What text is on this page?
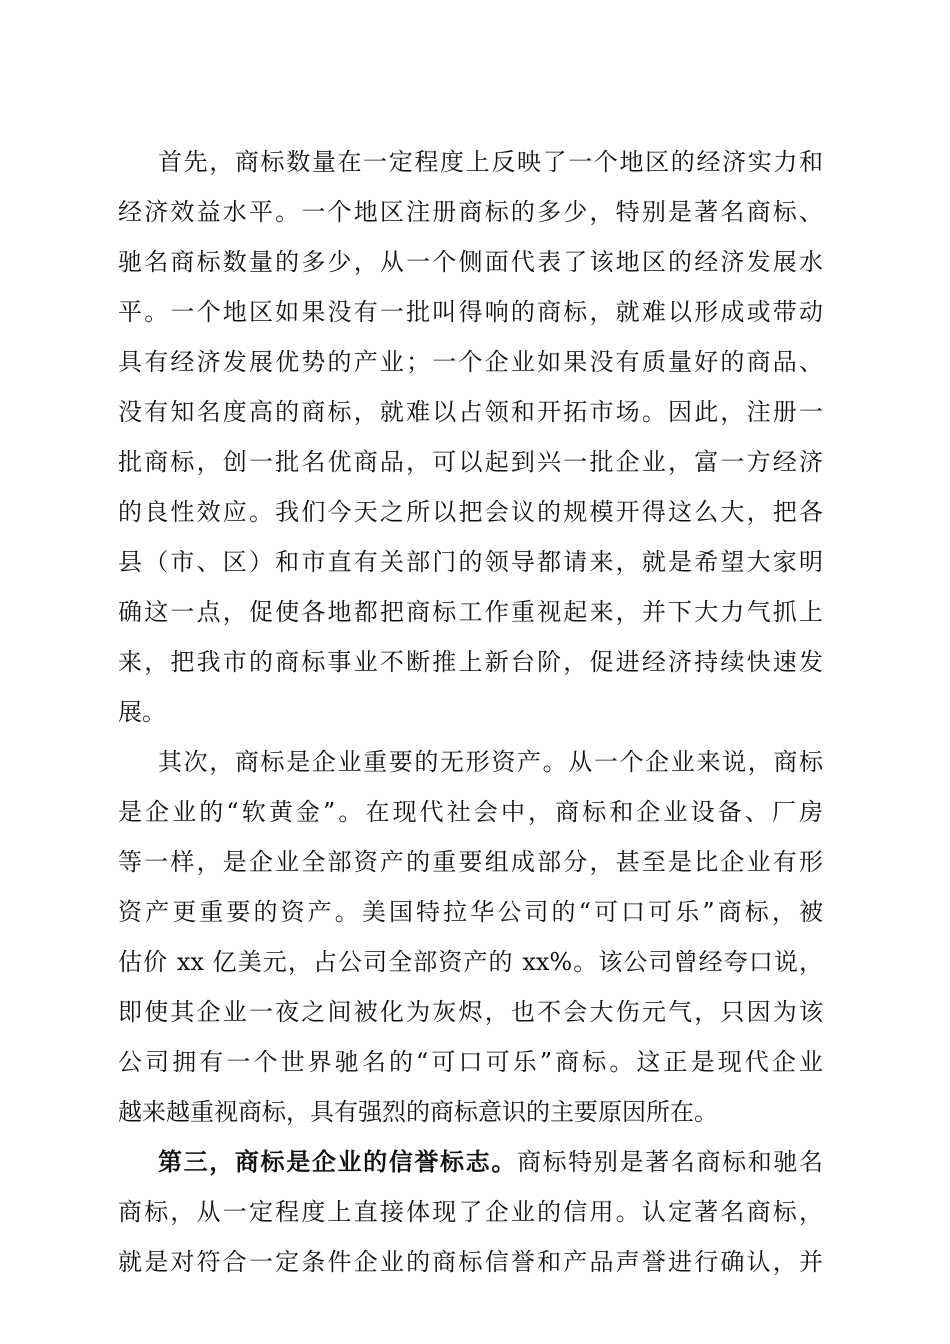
首先，商标数量在一定程度上反映了一个地区的经济实力和
经济效益水平。一个地区注册商标的多少，特别是著名商标、
驰名商标数量的多少，从一个侧面代表了该地区的经济发展水
平。一个地区如果没有一批叫得响的商标，就难以形成或带动
具有经济发展优势的产业；一个企业如果没有质量好的商品、
没有知名度高的商标，就难以占领和开拓市场。因此，注册一
批商标，创一批名优商品，可以起到兴一批企业，富一方经济
的良性效应。我们今天之所以把会议的规模开得这么大，把各
县（市、区）和市直有关部门的领导都请来，就是希望大家明
确这一点，促使各地都把商标工作重视起来，并下大力气抓上
来，把我市的商标事业不断推上新台阶，促进经济持续快速发
展。
其次，商标是企业重要的无形资产。从一个企业来说，商标
是企业的“软黄金”。在现代社会中，商标和企业设备、厂房
等一样，是企业全部资产的重要组成部分，甚至是比企业有形
资产更重要的资产。美国特拉华公司的“可口可乐”商标，被
估价 xx 亿美元，占公司全部资产的 xx%。该公司曾经夸口说，
即使其企业一夜之间被化为灰烬，也不会大伤元气，只因为该
公司拥有一个世界驰名的“可口可乐”商标。这正是现代企业
越来越重视商标，具有强烈的商标意识的主要原因所在。
第三，商标是企业的信誉标志。商标特别是著名商标和驰名
商标，从一定程度上直接体现了企业的信用。认定著名商标，
就是对符合一定条件企业的商标信誉和产品声誉进行确认，并
